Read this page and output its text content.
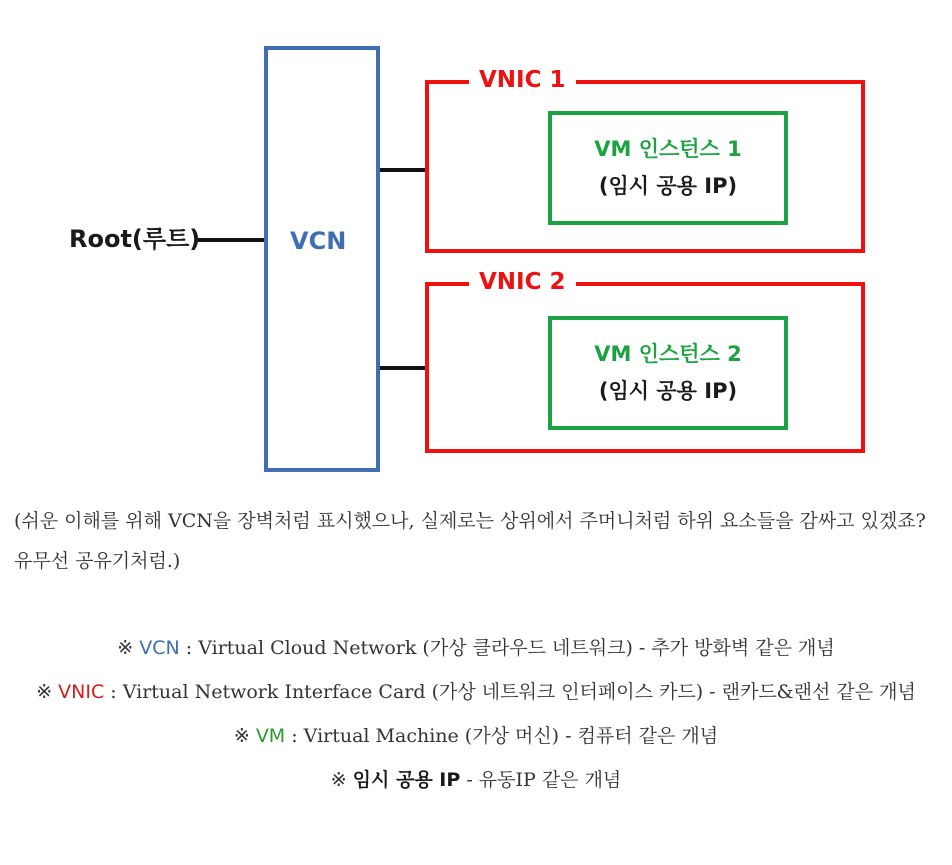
Root(루트)	VCN
VNIC 1
VM 인스턴스 1
(임시 공용 IP)
VNIC 2
VM 인스턴스 2
(임시 공용 IP)
(쉬운 이해를 위해 VCN을 장벽처럼 표시했으나, 실제로는 상위에서 주머니처럼 하위 요소들을 감싸고 있겠죠? 유무선 공유기처럼.)
※ VCN : Virtual Cloud Network (가상 클라우드 네트워크) - 추가 방화벽 같은 개념
※ VNIC : Virtual Network Interface Card (가상 네트워크 인터페이스 카드) - 랜카드&랜선 같은 개념
※ VM : Virtual Machine (가상 머신) - 컴퓨터 같은 개념
※ 임시 공용 IP - 유동IP 같은 개념
